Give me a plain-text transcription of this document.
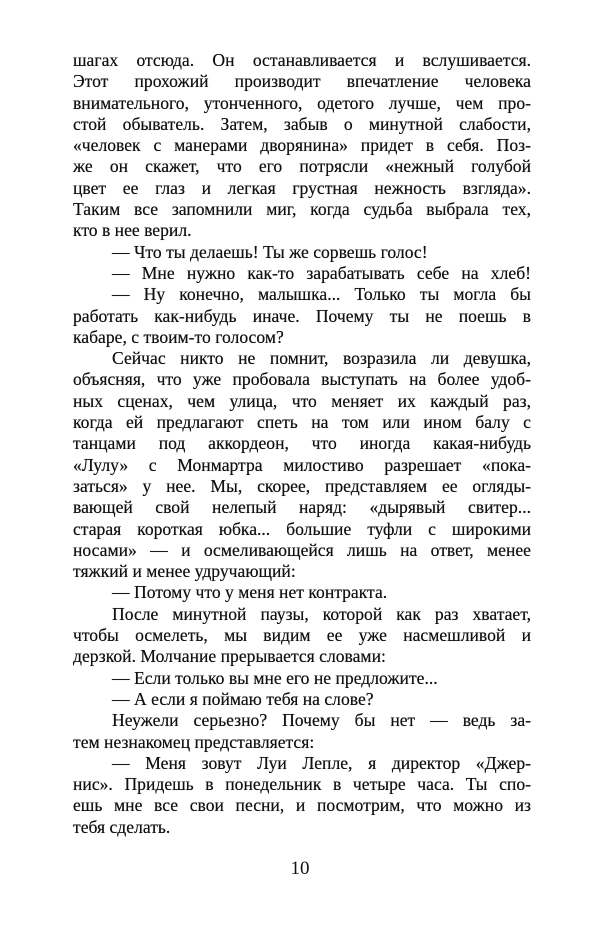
шагах отсюда. Он останавливается и вслушивается.
Этот прохожий производит впечатление человека
внимательного, утонченного, одетого лучше, чем про-
стой обыватель. Затем, забыв о минутной слабости,
«человек с манерами дворянина» придет в себя. Поз-
же он скажет, что его потрясли «нежный голубой
цвет ее глаз и легкая грустная нежность взгляда».
Таким все запомнили миг, когда судьба выбрала тех,
кто в нее верил.
— Что ты делаешь! Ты же сорвешь голос!
— Мне нужно как-то зарабатывать себе на хлеб!
— Ну конечно, малышка... Только ты могла бы
работать как-нибудь иначе. Почему ты не поешь в
кабаре, с твоим-то голосом?
Сейчас никто не помнит, возразила ли девушка,
объясняя, что уже пробовала выступать на более удоб-
ных сценах, чем улица, что меняет их каждый раз,
когда ей предлагают спеть на том или ином балу с
танцами под аккордеон, что иногда какая-нибудь
«Лулу» с Монмартра милостиво разрешает «пока-
заться» у нее. Мы, скорее, представляем ее огляды-
вающей свой нелепый наряд: «дырявый свитер...
старая короткая юбка... большие туфли с широкими
носами» — и осмеливающейся лишь на ответ, менее
тяжкий и менее удручающий:
— Потому что у меня нет контракта.
После минутной паузы, которой как раз хватает,
чтобы осмелеть, мы видим ее уже насмешливой и
дерзкой. Молчание прерывается словами:
— Если только вы мне его не предложите...
— А если я поймаю тебя на слове?
Неужели серьезно? Почему бы нет — ведь за-
тем незнакомец представляется:
— Меня зовут Луи Лепле, я директор «Джер-
нис». Придешь в понедельник в четыре часа. Ты спо-
ешь мне все свои песни, и посмотрим, что можно из
тебя сделать.
10
